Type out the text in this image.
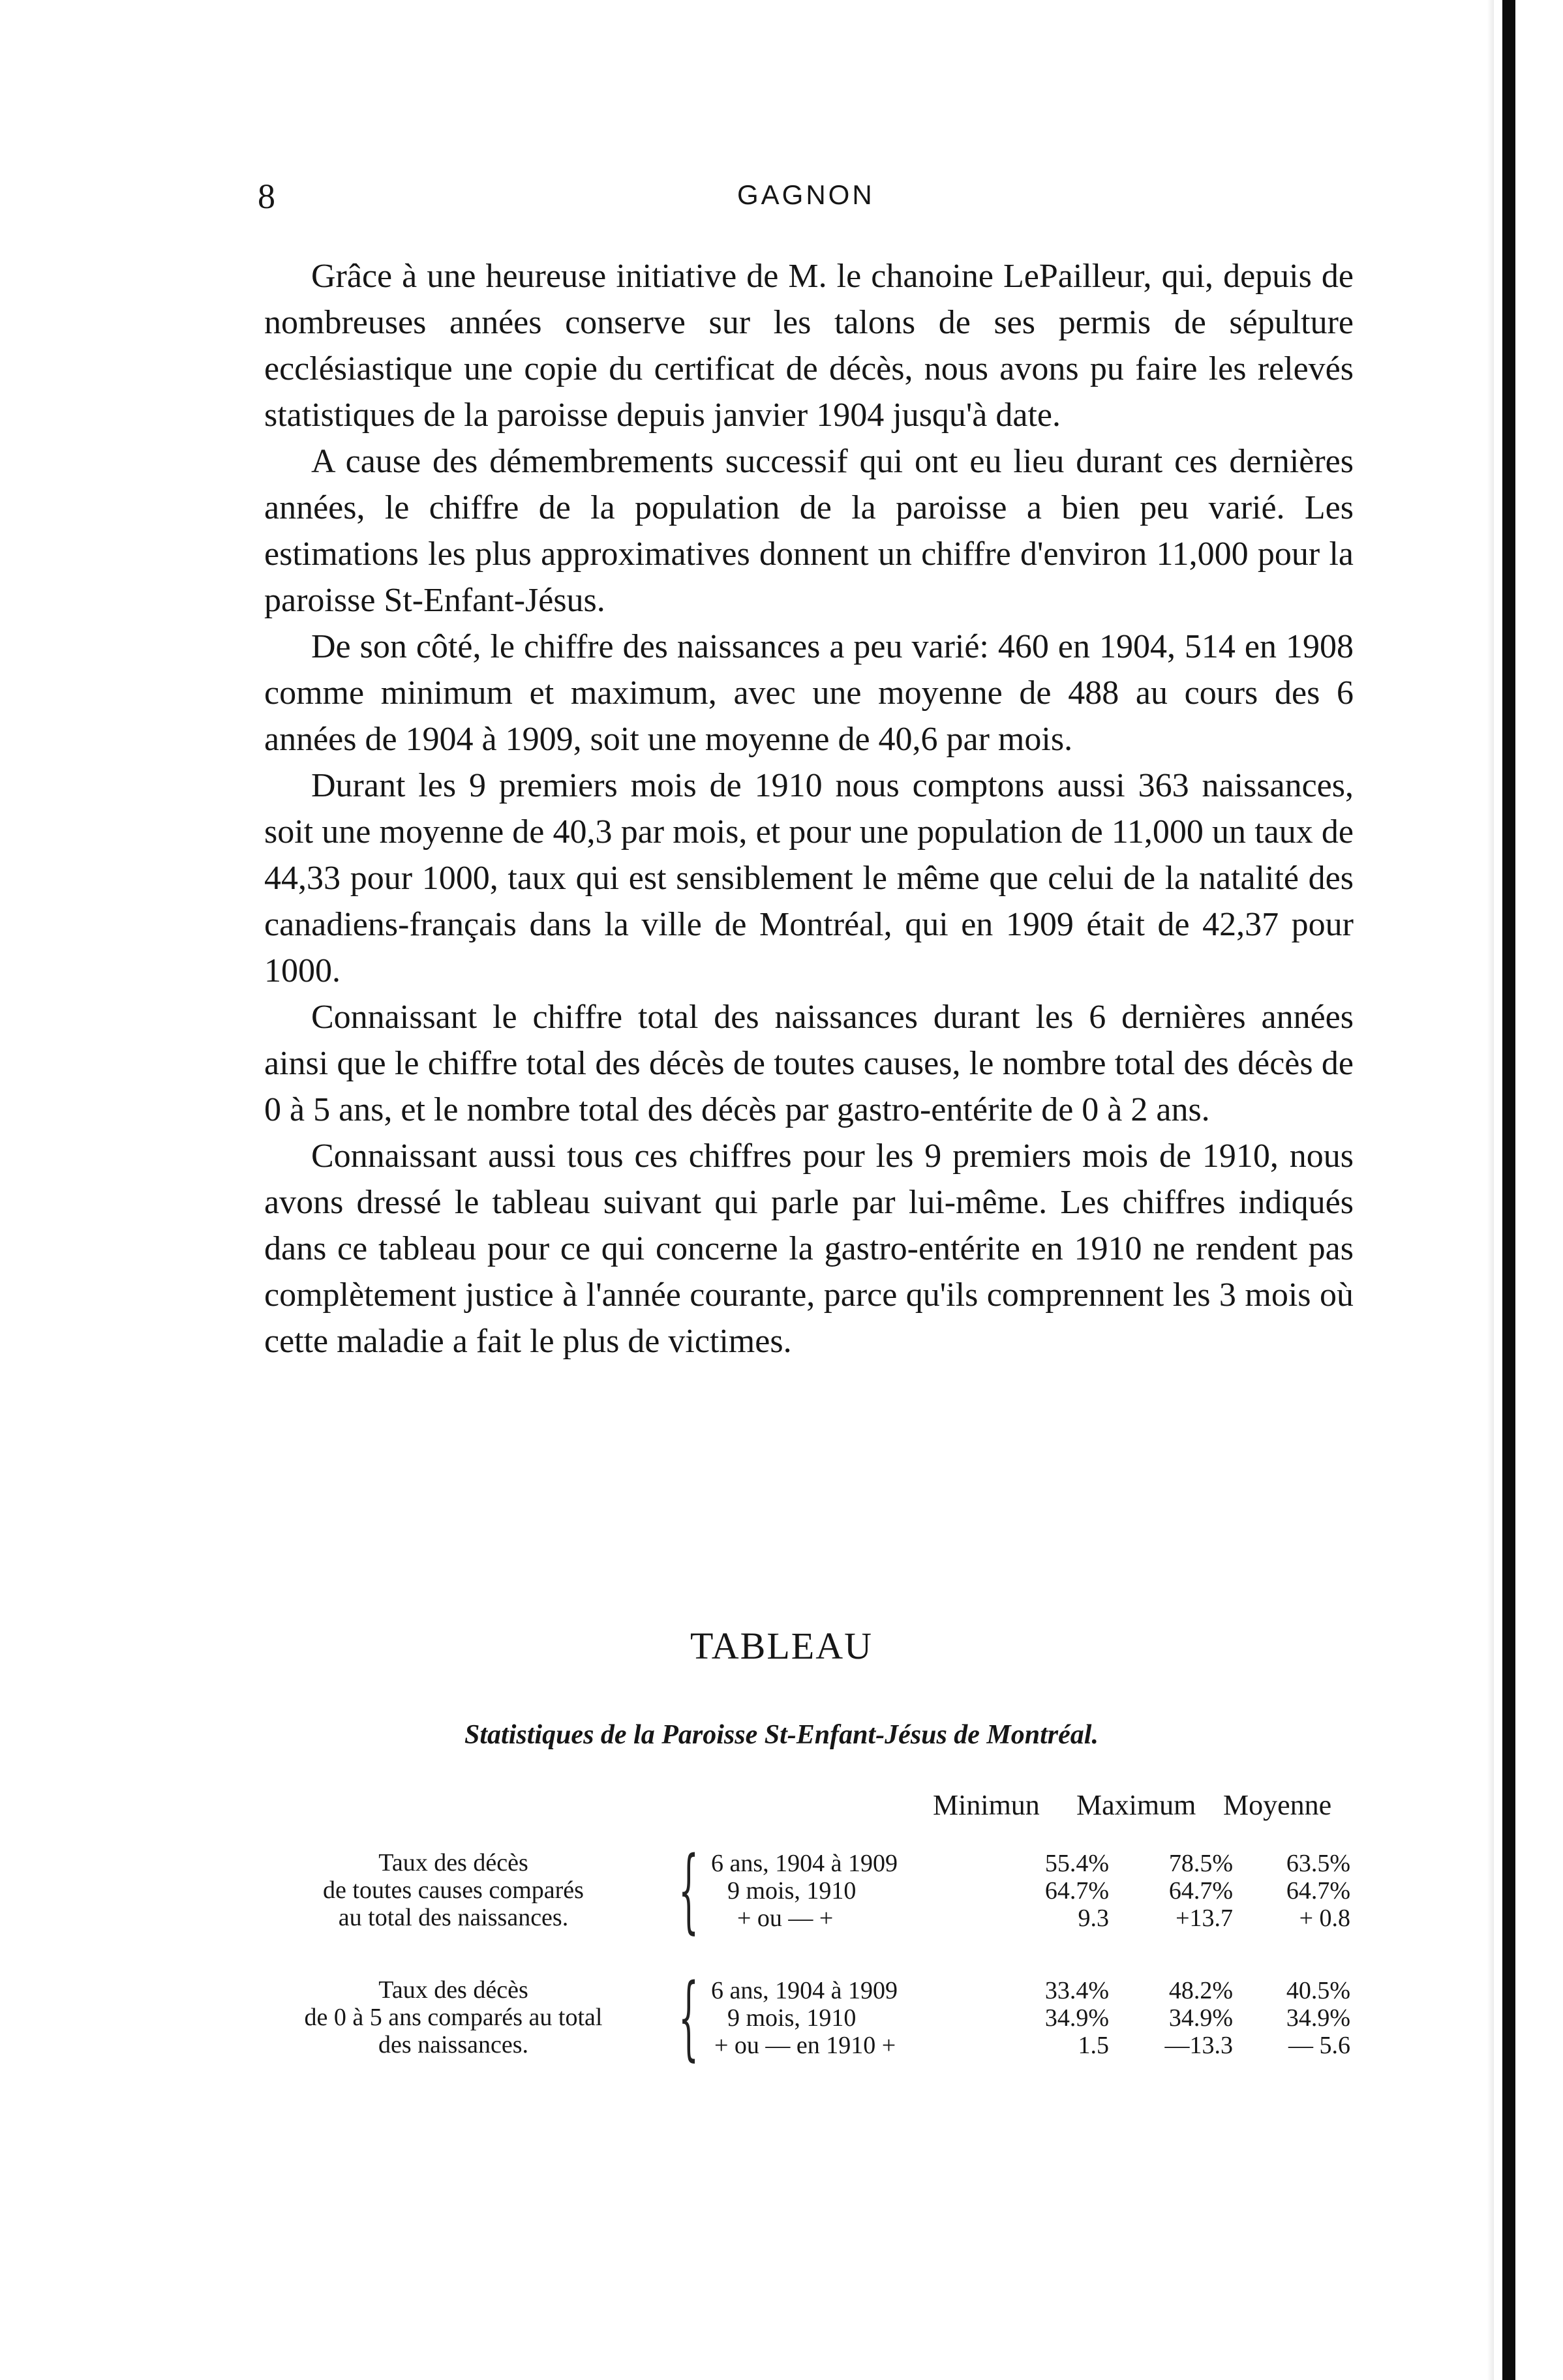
8	GAGNON

Grâce à une heureuse initiative de M. le chanoine LePailleur, qui, depuis de nombreuses années conserve sur les talons de ses permis de sépulture ecclésiastique une copie du certificat de décès, nous avons pu faire les relevés statistiques de la paroisse depuis janvier 1904 jusqu'à date.

A cause des démembrements successif qui ont eu lieu durant ces dernières années, le chiffre de la population de la paroisse a bien peu varié. Les estimations les plus approximatives donnent un chiffre d'environ 11,000 pour la paroisse St-Enfant-Jésus.

De son côté, le chiffre des naissances a peu varié: 460 en 1904, 514 en 1908 comme minimum et maximum, avec une moyenne de 488 au cours des 6 années de 1904 à 1909, soit une moyenne de 40,6 par mois.

Durant les 9 premiers mois de 1910 nous comptons aussi 363 naissances, soit une moyenne de 40,3 par mois, et pour une population de 11,000 un taux de 44,33 pour 1000, taux qui est sensiblement le même que celui de la natalité des canadiens-français dans la ville de Montréal, qui en 1909 était de 42,37 pour 1000.

Connaissant le chiffre total des naissances durant les 6 dernières années ainsi que le chiffre total des décès de toutes causes, le nombre total des décès de 0 à 5 ans, et le nombre total des décès par gastro-entérite de 0 à 2 ans.

Connaissant aussi tous ces chiffres pour les 9 premiers mois de 1910, nous avons dressé le tableau suivant qui parle par lui-même. Les chiffres indiqués dans ce tableau pour ce qui concerne la gastro-entérite en 1910 ne rendent pas complètement justice à l'année courante, parce qu'ils comprennent les 3 mois où cette maladie a fait le plus de victimes.

TABLEAU
Statistiques de la Paroisse St-Enfant-Jésus de Montréal.
Minimun Maximum Moyenne
Taux des décès
de toutes causes comparés
au total des naissances.	{ 6 ans, 1904 à 1909	55.4%	78.5%	63.5%
9 mois, 1910	64.7%	64.7%	64.7%
+ ou — +	9.3	+13.7	+ 0.8
Taux des décès
de 0 à 5 ans comparés au total
des naissances.	{ 6 ans, 1904 à 1909	33.4%	48.2%	40.5%
9 mois, 1910	34.9%	34.9%	34.9%
+ ou — en 1910 +	1.5	—13.3	— 5.6
